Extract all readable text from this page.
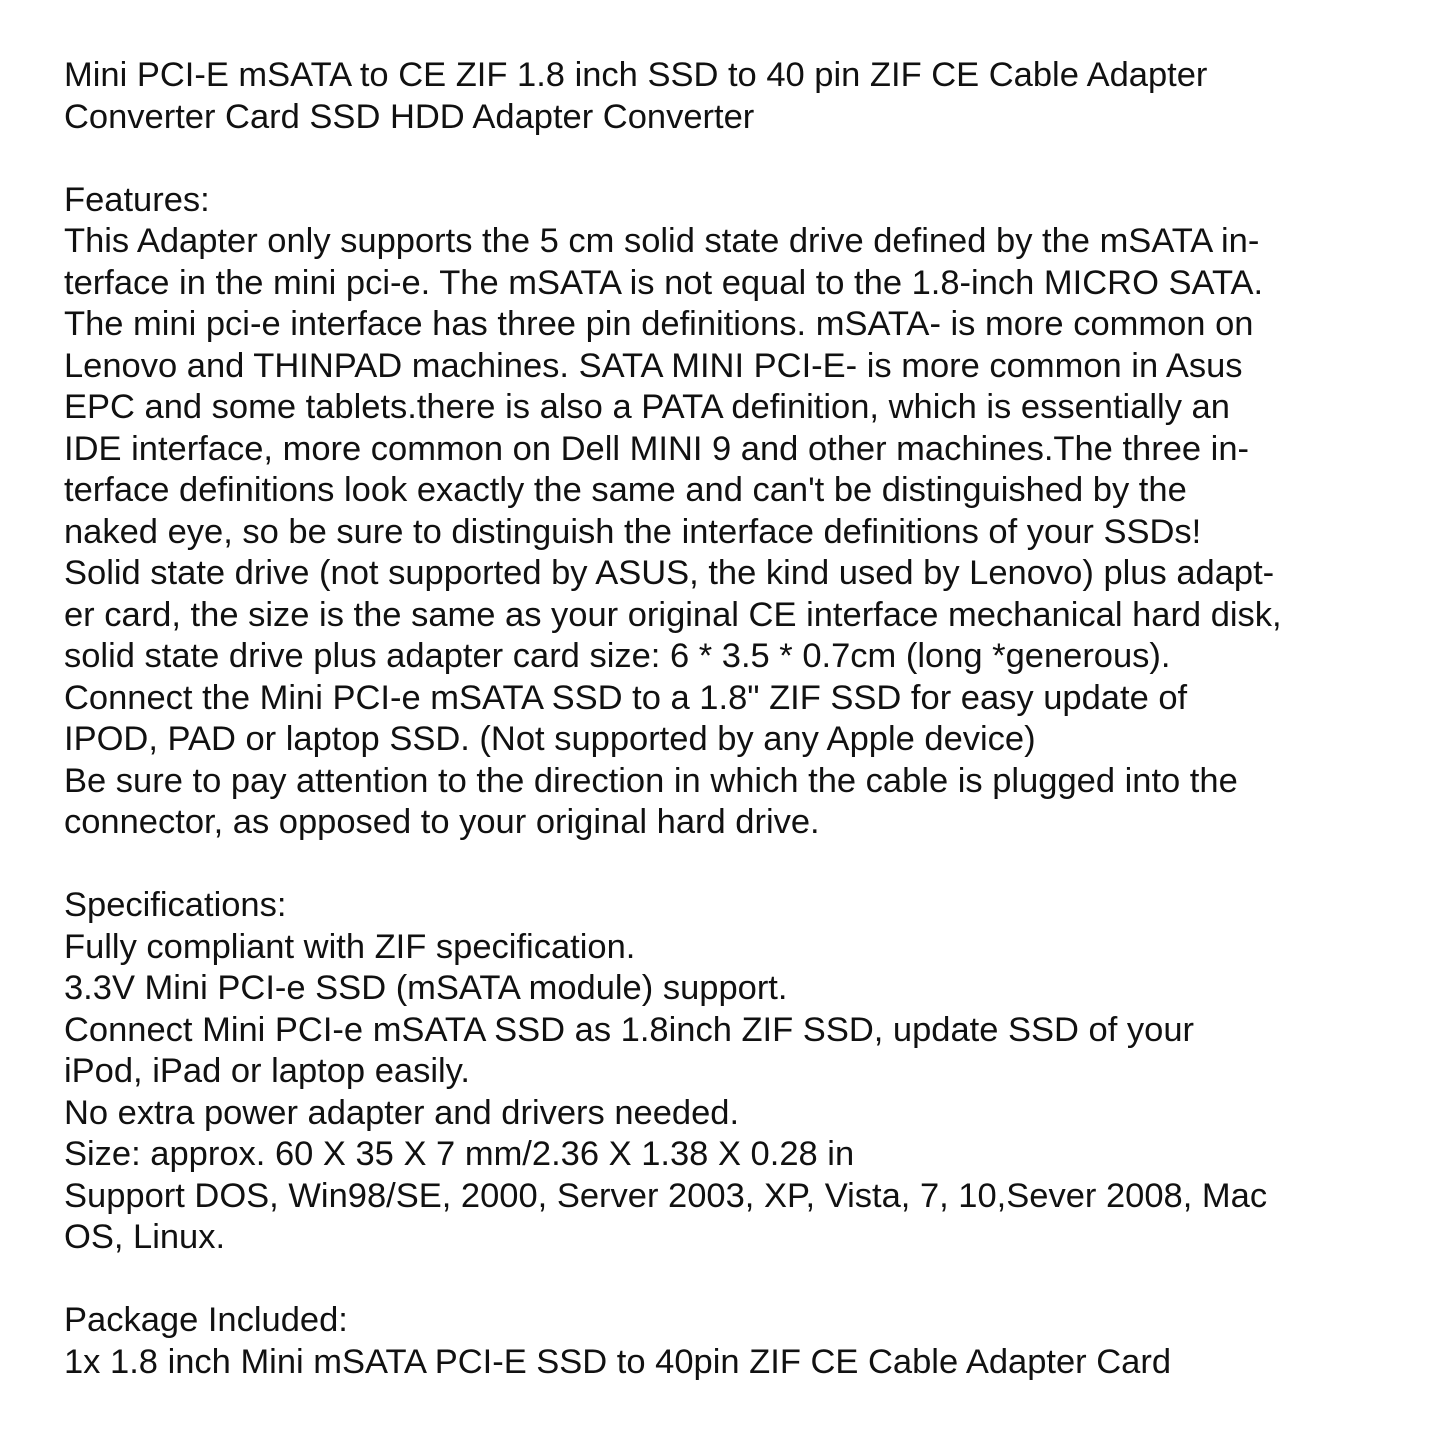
Mini PCI-E mSATA to CE ZIF 1.8 inch SSD to 40 pin ZIF CE Cable Adapter
Converter Card SSD HDD Adapter Converter
Features:
This Adapter only supports the 5 cm solid state drive defined by the mSATA in-
terface in the mini pci-e. The mSATA is not equal to the 1.8-inch MICRO SATA.
The mini pci-e interface has three pin definitions. mSATA- is more common on
Lenovo and THINPAD machines. SATA MINI PCI-E- is more common in Asus
EPC and some tablets.there is also a PATA definition, which is essentially an
IDE interface, more common on Dell MINI 9 and other machines.The three in-
terface definitions look exactly the same and can't be distinguished by the
naked eye, so be sure to distinguish the interface definitions of your SSDs!
Solid state drive (not supported by ASUS, the kind used by Lenovo) plus adapt-
er card, the size is the same as your original CE interface mechanical hard disk,
solid state drive plus adapter card size: 6 * 3.5 * 0.7cm (long *generous).
Connect the Mini PCI-e mSATA SSD to a 1.8" ZIF SSD for easy update of
IPOD, PAD or laptop SSD. (Not supported by any Apple device)
Be sure to pay attention to the direction in which the cable is plugged into the
connector, as opposed to your original hard drive.
Specifications:
Fully compliant with ZIF specification.
3.3V Mini PCI-e SSD (mSATA module) support.
Connect Mini PCI-e mSATA SSD as 1.8inch ZIF SSD, update SSD of your
iPod, iPad or laptop easily.
No extra power adapter and drivers needed.
Size: approx. 60 X 35 X 7 mm/2.36 X 1.38 X 0.28 in
Support DOS, Win98/SE, 2000, Server 2003, XP, Vista, 7, 10,Sever 2008, Mac
OS, Linux.
Package Included:
1x 1.8 inch Mini mSATA PCI-E SSD to 40pin ZIF CE Cable Adapter Card
